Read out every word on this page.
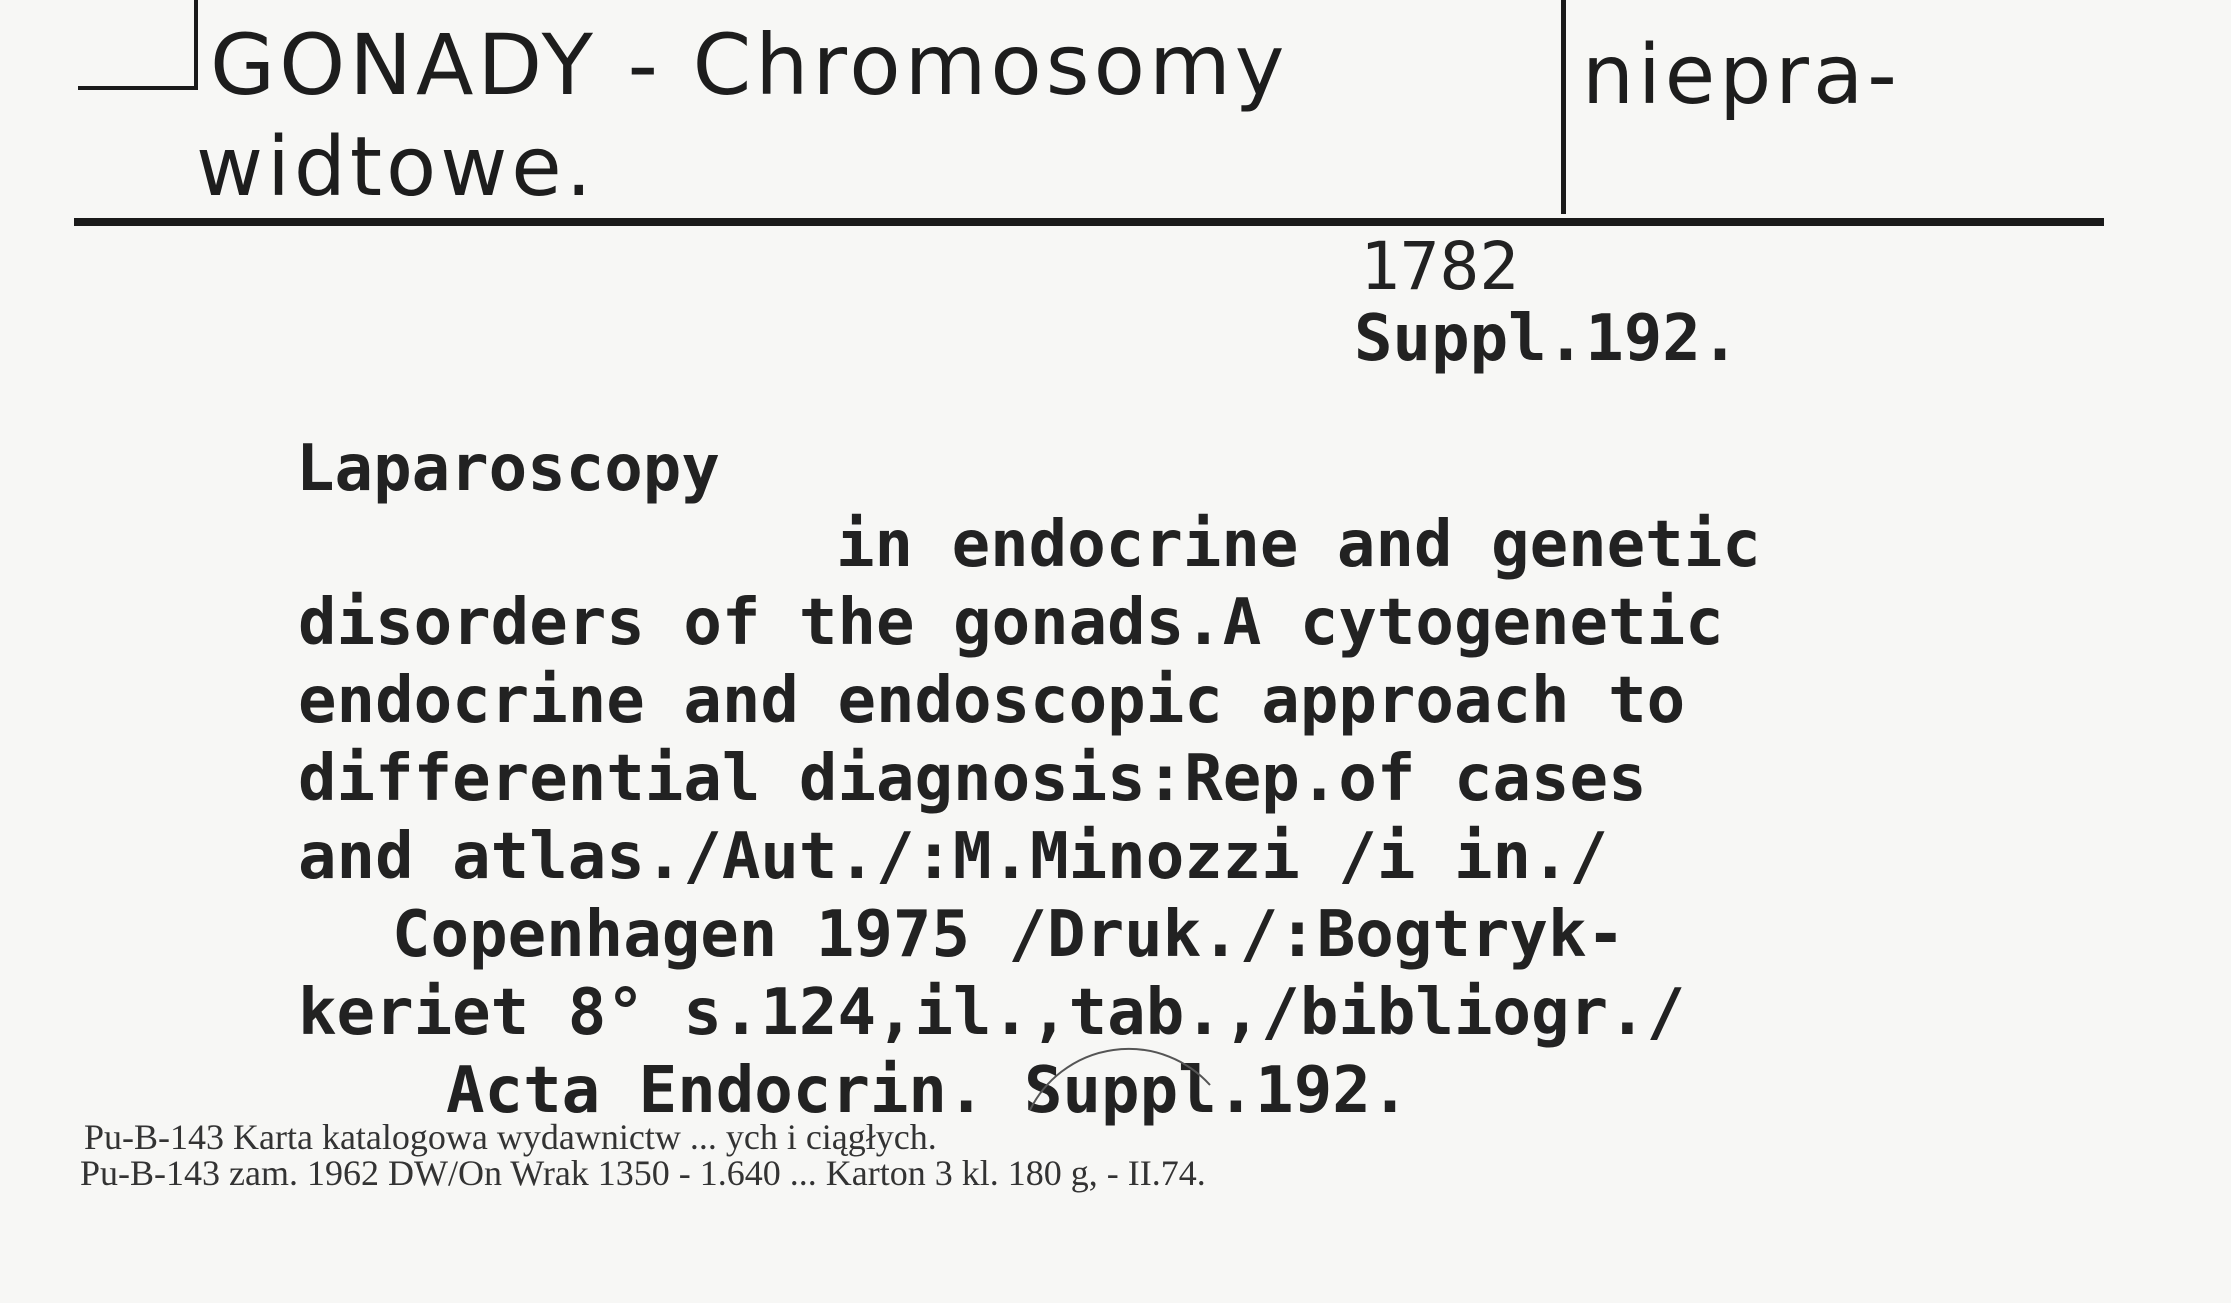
GONADY - Chromosomy	niepra-
widtowe.
1782
Suppl.192.
Laparoscopy
in endocrine and genetic
disorders of the gonads.A cytogenetic
endocrine and endoscopic approach to
differential diagnosis:Rep.of cases
and atlas./Aut./:M.Minozzi /i in./
Copenhagen 1975 /Druk./:Bogtryk-
keriet 8° s.124,il.,tab.,/bibliogr./
Acta Endocrin. Suppl.192.
Pu-B-143 Karta katalogowa wydawnictw ... ych i ciągłych.
Pu-B-143 zam. 1962 DW/On Wrak 1350 - 1.640 ... Karton 3 kl. 180 g, - II.74.
